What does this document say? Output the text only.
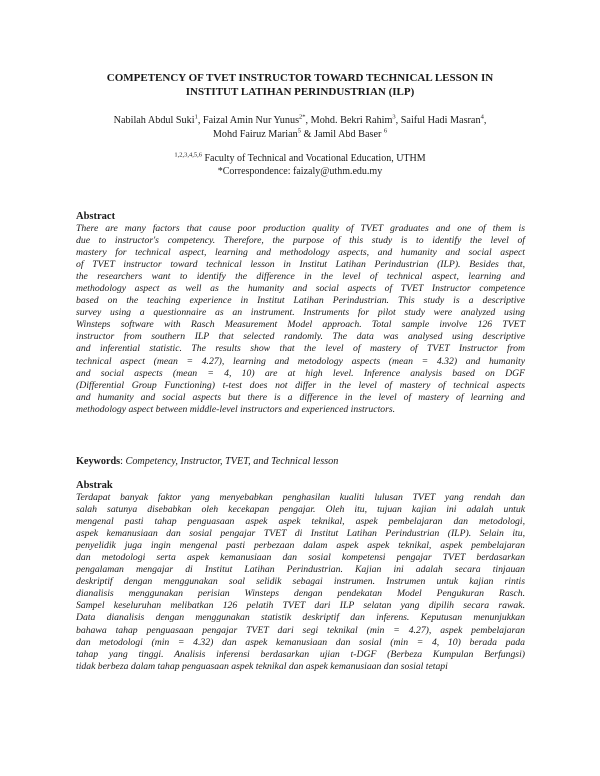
COMPETENCY OF TVET INSTRUCTOR TOWARD TECHNICAL LESSON IN
INSTITUT LATIHAN PERINDUSTRIAN (ILP)
Nabilah Abdul Suki$^1$, Faizal Amin Nur Yunus$^{2*}$, Mohd. Bekri Rahim$^3$, Saiful Hadi Masran$^4$,
Mohd Fairuz Marian$^5$ & Jamil Abd Baser $^6$
$^{1,2,3,4,5,6}$ Faculty of Technical and Vocational Education, UTHM
*Correspondence: faizaly@uthm.edu.my
Abstract
There are many factors that cause poor production quality of TVET graduates and one of them is
due to instructor's competency. Therefore, the purpose of this study is to identify the level of
mastery for technical aspect, learning and methodology aspects, and humanity and social aspect
of TVET instructor toward technical lesson in Institut Latihan Perindustrian (ILP). Besides that,
the researchers want to identify the difference in the level of technical aspect, learning and
methodology aspect as well as the humanity and social aspects of TVET Instructor competence
based on the teaching experience in Institut Latihan Perindustrian. This study is a descriptive
survey using a questionnaire as an instrument. Instruments for pilot study were analyzed using
Winsteps software with Rasch Measurement Model approach. Total sample involve 126 TVET
instructor from southern ILP that selected randomly. The data was analysed using descriptive
and inferential statistic. The results show that the level of mastery of TVET Instructor from
technical aspect (mean = 4.27), learning and metodology aspects (mean = 4.32) and humanity
and social aspects (mean = 4, 10) are at high level. Inference analysis based on DGF
(Differential Group Functioning) t-test does not differ in the level of mastery of technical aspects
and humanity and social aspects but there is a difference in the level of mastery of learning and
methodology aspect between middle-level instructors and experienced instructors.
Keywords: Competency, Instructor, TVET, and Technical lesson
Abstrak
Terdapat banyak faktor yang menyebabkan penghasilan kualiti lulusan TVET yang rendah dan
salah satunya disebabkan oleh kecekapan pengajar. Oleh itu, tujuan kajian ini adalah untuk
mengenal pasti tahap penguasaan aspek aspek teknikal, aspek pembelajaran dan metodologi,
aspek kemanusiaan dan sosial pengajar TVET di Institut Latihan Perindustrian (ILP). Selain itu,
penyelidik juga ingin mengenal pasti perbezaan dalam aspek aspek teknikal, aspek pembelajaran
dan metodologi serta aspek kemanusiaan dan sosial kompetensi pengajar TVET berdasarkan
pengalaman mengajar di Institut Latihan Perindustrian. Kajian ini adalah secara tinjauan
deskriptif dengan menggunakan soal selidik sebagai instrumen. Instrumen untuk kajian rintis
dianalisis menggunakan perisian Winsteps dengan pendekatan Model Pengukuran Rasch.
Sampel keseluruhan melibatkan 126 pelatih TVET dari ILP selatan yang dipilih secara rawak.
Data dianalisis dengan menggunakan statistik deskriptif dan inferens. Keputusan menunjukkan
bahawa tahap penguasaan pengajar TVET dari segi teknikal (min = 4.27), aspek pembelajaran
dan metodologi (min = 4.32) dan aspek kemanusiaan dan sosial (min = 4, 10) berada pada
tahap yang tinggi. Analisis inferensi berdasarkan ujian t-DGF (Berbeza Kumpulan Berfungsi)
tidak berbeza dalam tahap penguasaan aspek teknikal dan aspek kemanusiaan dan sosial tetapi
